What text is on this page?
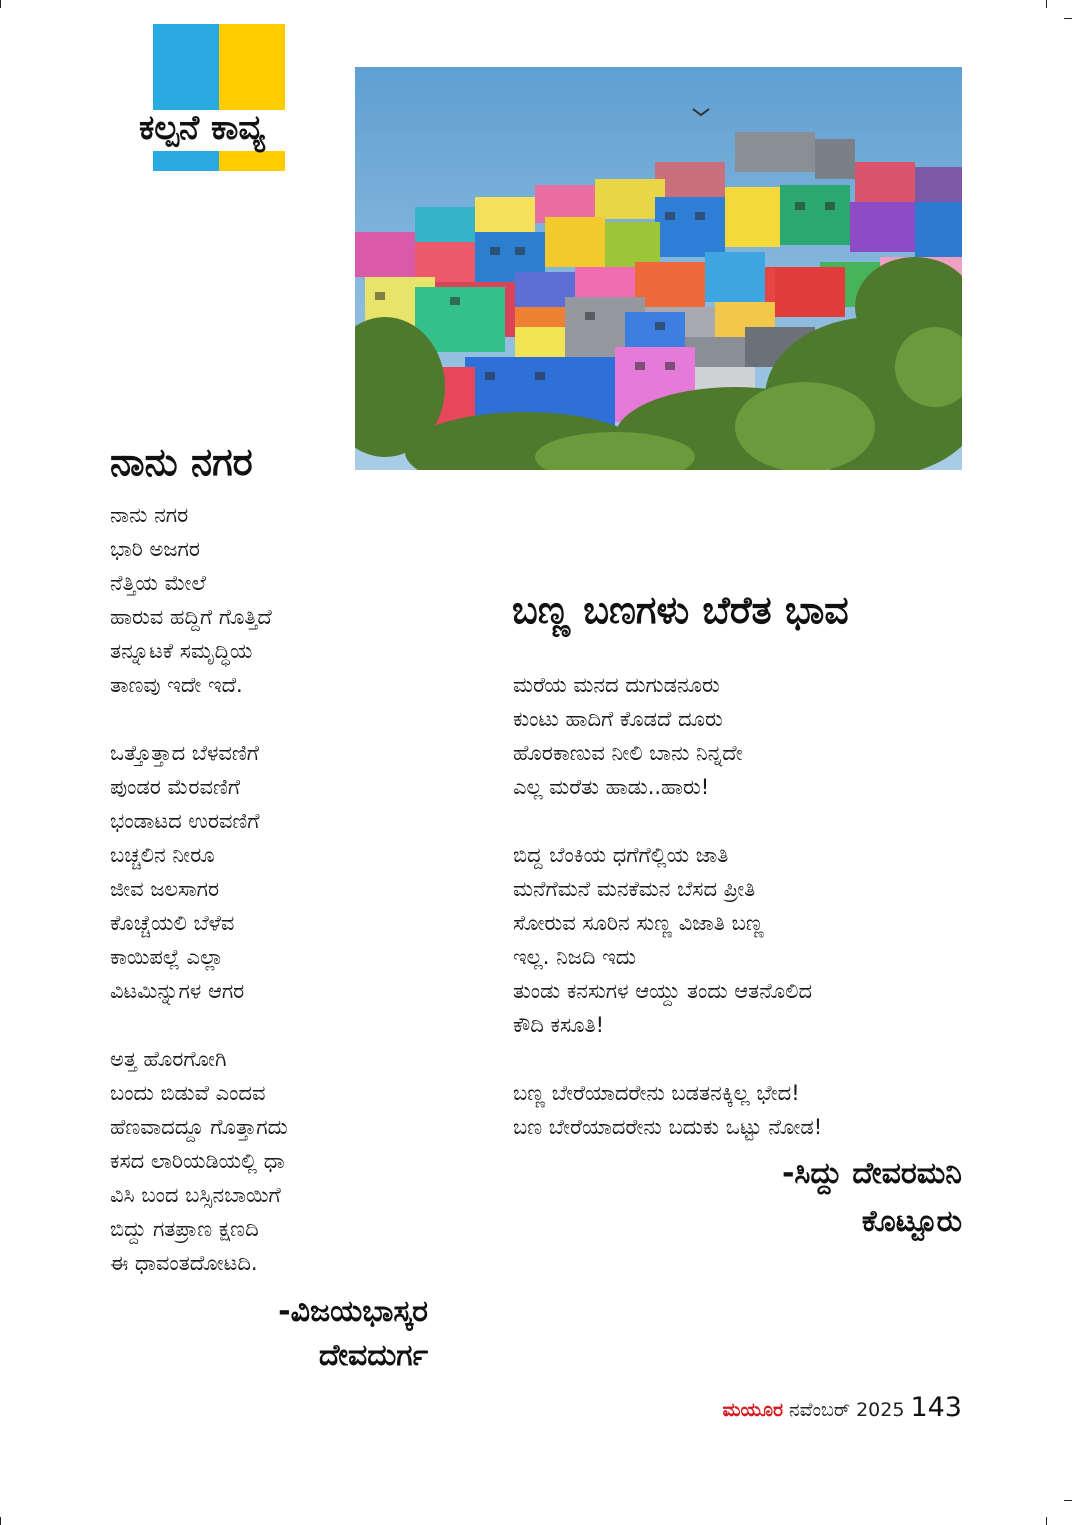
ಕಲ್ಪನೆ ಕಾವ್ಯ
ನಾನು ನಗರ
ನಾನು ನಗರ
ಭಾರಿ ಅಜಗರ
ನೆತ್ತಿಯ ಮೇಲೆ
ಹಾರುವ ಹದ್ದಿಗೆ ಗೊತ್ತಿದೆ
ತನ್ನೂಟಕೆ ಸಮೃದ್ಧಿಯ
ತಾಣವು ಇದೇ ಇದೆ.
ಒತ್ತೊತ್ತಾದ ಬೆಳವಣಿಗೆ
ಪುಂಡರ ಮೆರವಣಿಗೆ
ಭಂಡಾಟದ ಉರವಣಿಗೆ
ಬಚ್ಚಲಿನ ನೀರೂ
ಜೀವ ಜಲಸಾಗರ
ಕೊಚ್ಚೆಯಲಿ ಬೆಳೆವ
ಕಾಯಿಪಲ್ಲೆ ಎಲ್ಲಾ
ವಿಟಮಿನ್ನುಗಳ ಆಗರ
ಅತ್ತ ಹೊರಗೋಗಿ
ಬಂದು ಬಿಡುವೆ ಎಂದವ
ಹೆಣವಾದದ್ದೂ ಗೊತ್ತಾಗದು
ಕಸದ ಲಾರಿಯಡಿಯಲ್ಲಿ ಧಾ
ವಿಸಿ ಬಂದ ಬಸ್ಸಿನಬಾಯಿಗೆ
ಬಿದ್ದು ಗತಪ್ರಾಣ ಕ್ಷಣದಿ
ಈ ಧಾವಂತದೋಟದಿ.
-ವಿಜಯಭಾಸ್ಕರ
ದೇವದುರ್ಗ
ಬಣ್ಣ ಬಣಗಳು ಬೆರೆತ ಭಾವ
ಮರೆಯ ಮನದ ದುಗುಡನೂರು
ಕುಂಟು ಹಾದಿಗೆ ಕೊಡದೆ ದೂರು
ಹೊರಕಾಣುವ ನೀಲಿ ಬಾನು ನಿನ್ನದೇ
ಎಲ್ಲ ಮರೆತು ಹಾಡು..ಹಾರು!
ಬಿದ್ದ ಬೆಂಕಿಯ ಧಗೆಗೆಲ್ಲಿಯ ಜಾತಿ
ಮನೆಗೆಮನೆ ಮನಕೆಮನ ಬೆಸದ ಪ್ರೀತಿ
ಸೋರುವ ಸೂರಿನ ಸುಣ್ಣ ವಿಜಾತಿ ಬಣ್ಣ
ಇಲ್ಲ. ನಿಜದಿ ಇದು
ತುಂಡು ಕನಸುಗಳ ಆಯ್ದು ತಂದು ಆತನೊಲಿದ
ಕೌದಿ ಕಸೂತಿ!
ಬಣ್ಣ ಬೇರೆಯಾದರೇನು ಬಡತನಕ್ಕಿಲ್ಲ ಭೇದ!
ಬಣ ಬೇರೆಯಾದರೇನು ಬದುಕು ಒಟ್ಟು ನೋಡ!
-ಸಿದ್ದು ದೇವರಮನಿ
ಕೊಟ್ಟೂರು
ಮಯೂರ ನವೆಂಬರ್ 2025 143
